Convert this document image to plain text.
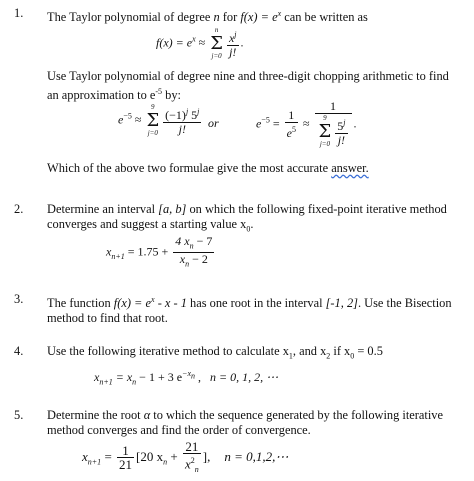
1. The Taylor polynomial of degree n for $f(x) = e^x$ can be written as
$f(x) = e^x$ ≈
n
Σ
$j=0 \frac{x^j}{j!}$ .
Use Taylor polynomial of degree nine and three-digit chopping arithmetic to find an approximation to $e^{-5}$ by:
$e^{-5}$ ≈
9
Σ
$j=0 \frac{(-1)^j 5^j}{j!}$ or	$e^{-5} = \frac{1}{e^5} \approx 1$
9
Σ
$j=0 \frac{5^j}{j!}$ .
Which of the above two formulae give the most accurate answer.
2. Determine an interval [a, b] on which the following fixed-point iterative method converges and suggest a starting value $x_0$.
$x_{n+1} = 1.75 + \frac{4 x_n - 7}{x_n - 2}$
3. The function $f(x) = e^x - x - 1$ has one root in the interval [-1, 2]. Use the Bisection method to find that root.
4. Use the following iterative method to calculate $x_1$, and $x_2$ if $x_0 = 0.5$
$x_{n+1} = x_n - 1 + 3$ $e^{-x_n}$ ,   n = 0, 1, 2, ⋯
5. Determine the root α to which the sequence generated by the following iterative method converges and find the order of convergence.
$x_{n+1} = \frac{1}{21} [20$ $x_n + \frac{21}{x^2_n}$ ], n = 0,1,2,⋯
